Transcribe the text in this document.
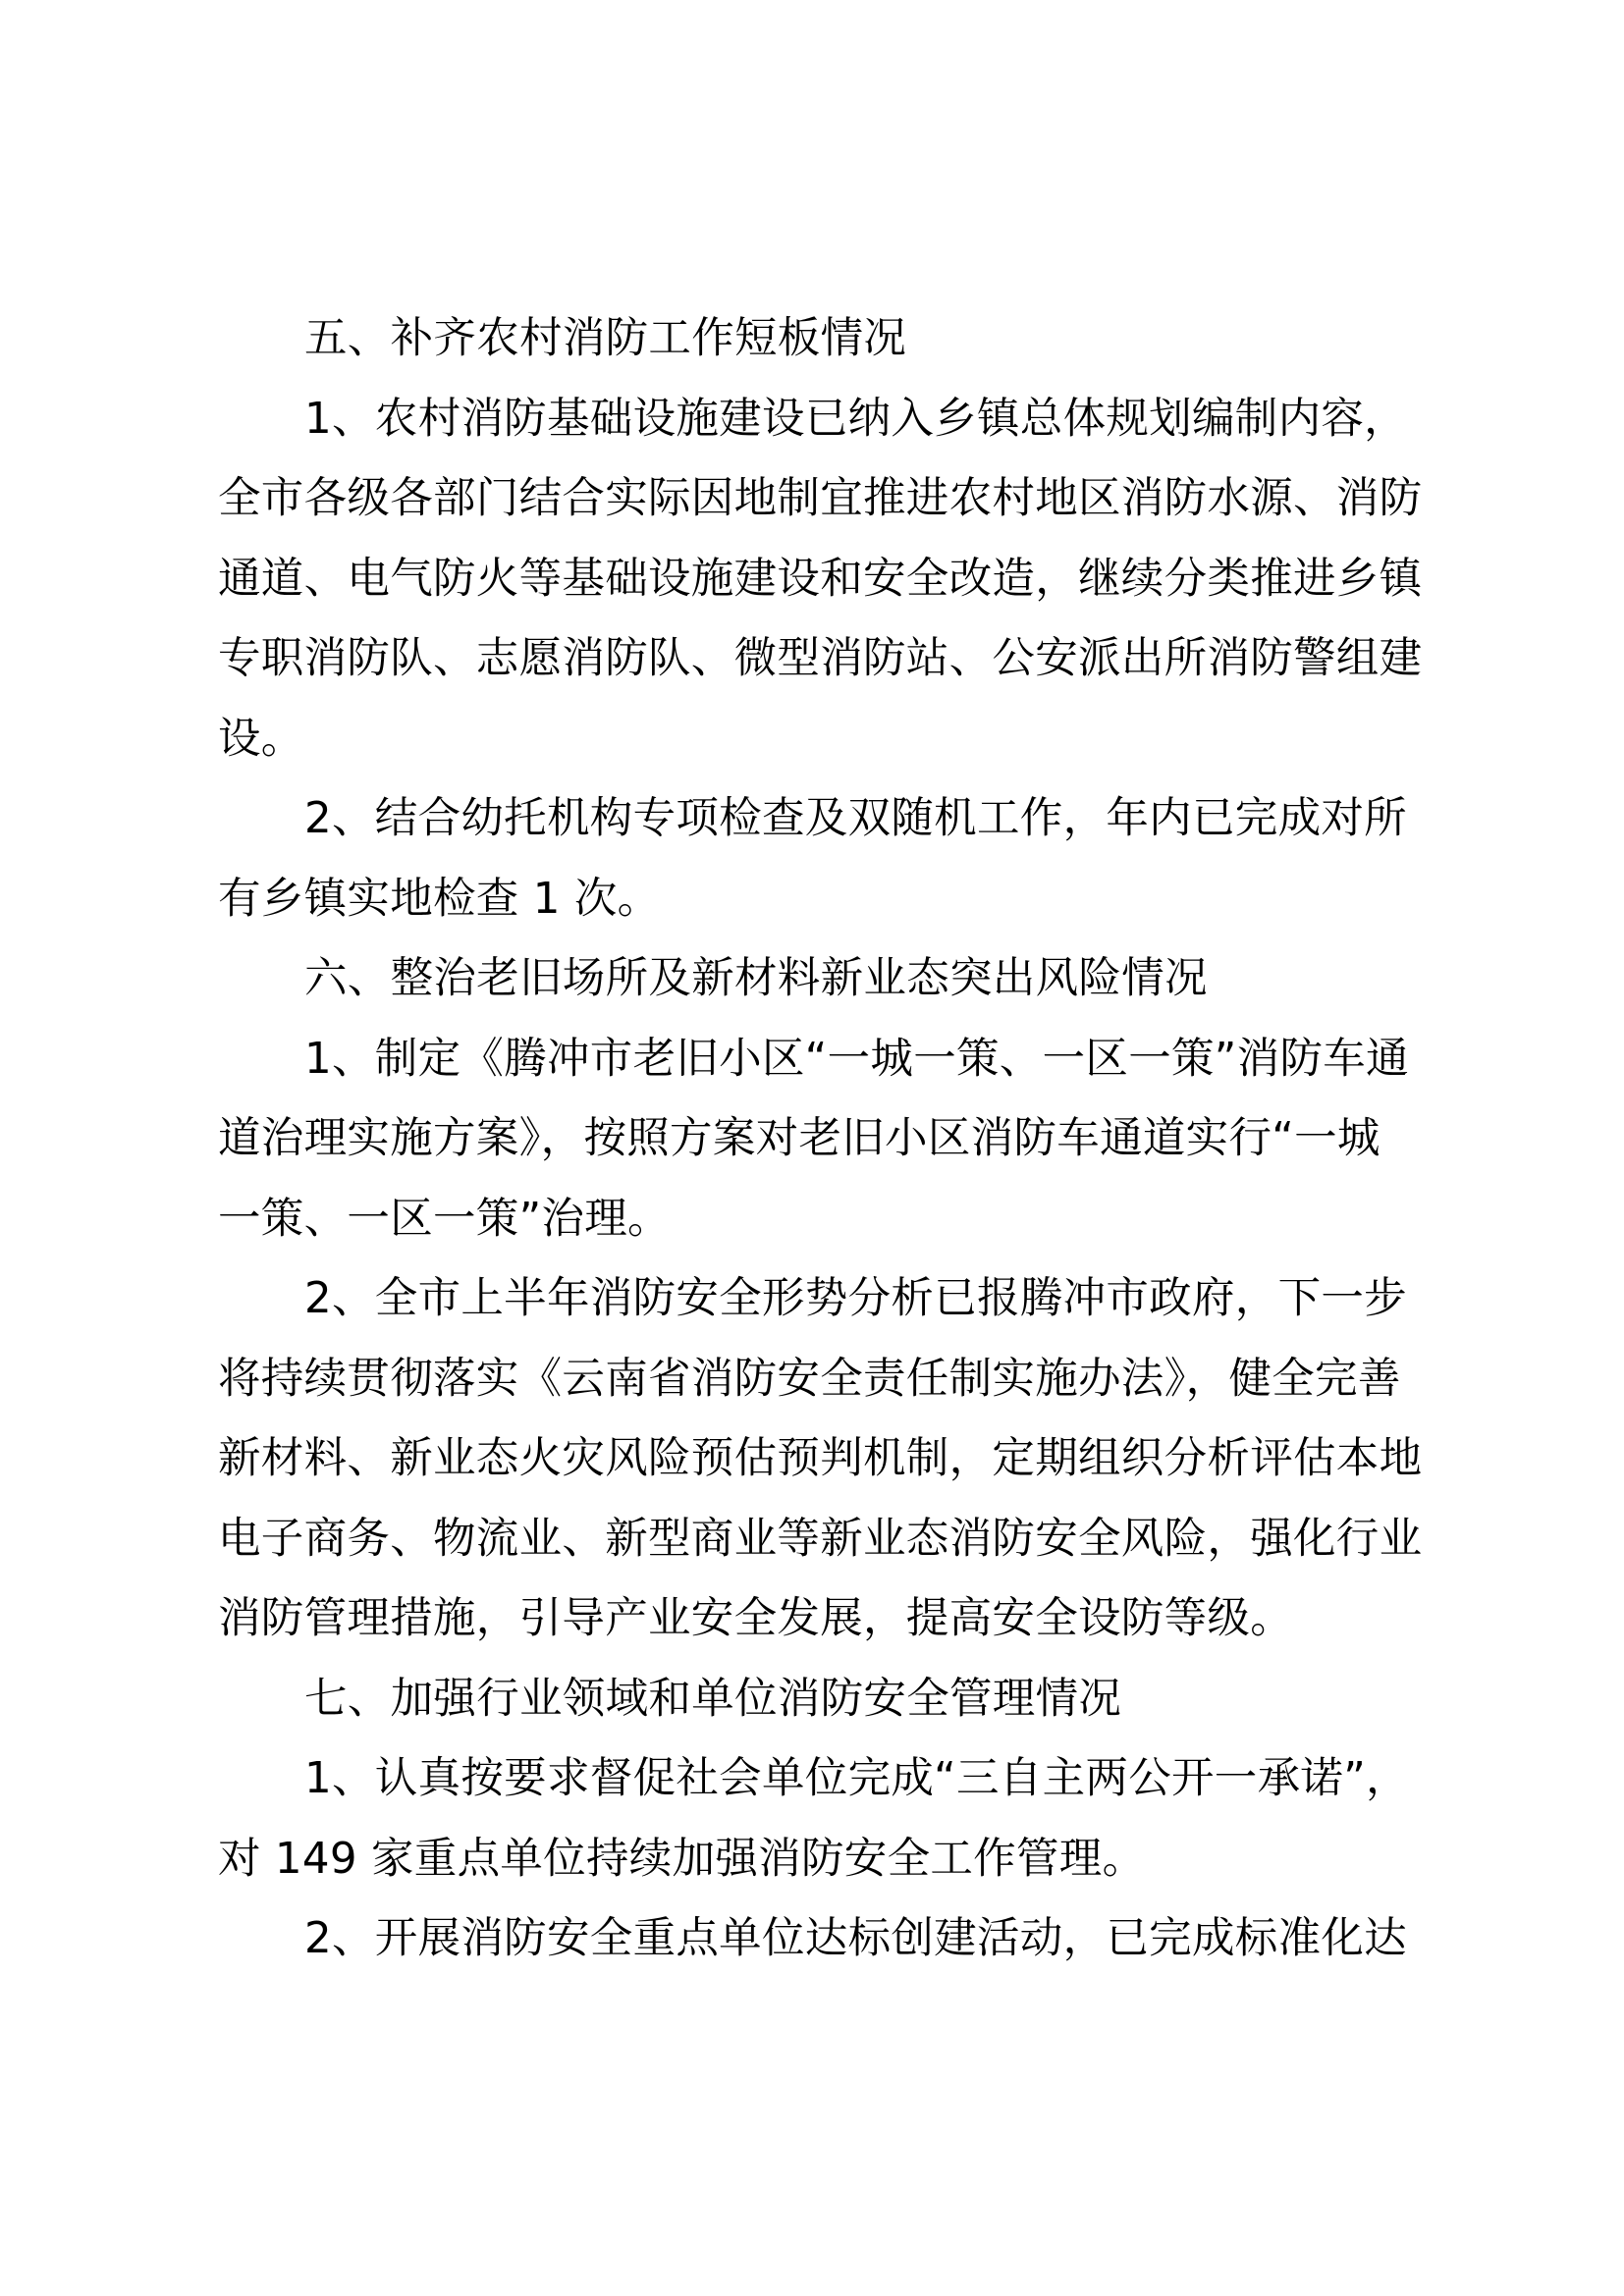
五、补齐农村消防工作短板情况
1、农村消防基础设施建设已纳入乡镇总体规划编制内容，
全市各级各部门结合实际因地制宜推进农村地区消防水源、消防
通道、电气防火等基础设施建设和安全改造，继续分类推进乡镇
专职消防队、志愿消防队、微型消防站、公安派出所消防警组建
设。
2、结合幼托机构专项检查及双随机工作，年内已完成对所
有乡镇实地检查 1 次。
六、整治老旧场所及新材料新业态突出风险情况
1、制定《腾冲市老旧小区“一城一策、一区一策”消防车通
道治理实施方案》，按照方案对老旧小区消防车通道实行“一城
一策、一区一策”治理。
2、全市上半年消防安全形势分析已报腾冲市政府，下一步
将持续贯彻落实《云南省消防安全责任制实施办法》，健全完善
新材料、新业态火灾风险预估预判机制，定期组织分析评估本地
电子商务、物流业、新型商业等新业态消防安全风险，强化行业
消防管理措施，引导产业安全发展，提高安全设防等级。
七、加强行业领域和单位消防安全管理情况
1、认真按要求督促社会单位完成“三自主两公开一承诺”，
对 149 家重点单位持续加强消防安全工作管理。
2、开展消防安全重点单位达标创建活动，已完成标准化达
